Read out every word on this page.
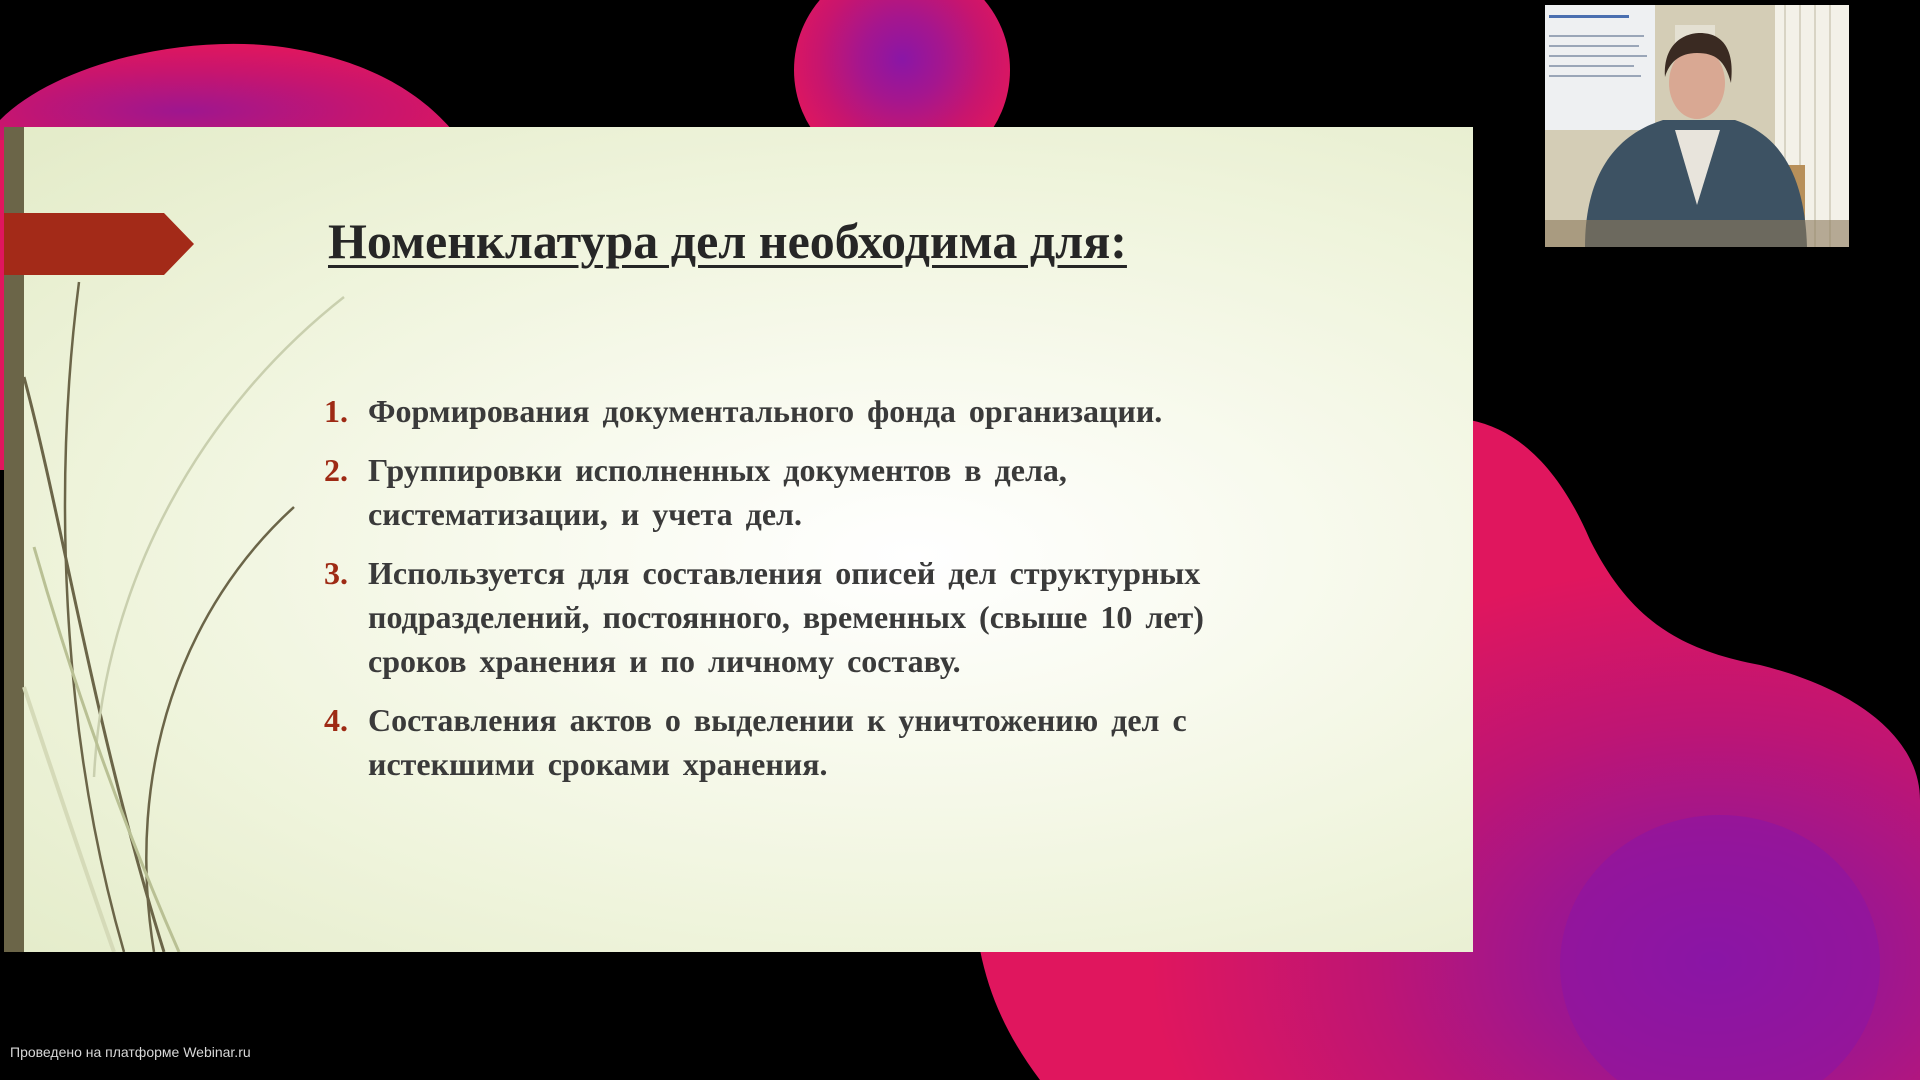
Номенклатура дел необходима для:
1. Формирования документального фонда организации.
2. Группировки исполненных документов в дела,
систематизации, и учета дел.
3. Используется для составления описей дел структурных
подразделений, постоянного, временных (свыше 10 лет)
сроков хранения и по личному составу.
4. Составления актов о выделении к уничтожению дел с
истекшими сроками хранения.
Проведено на платформе Webinar.ru
